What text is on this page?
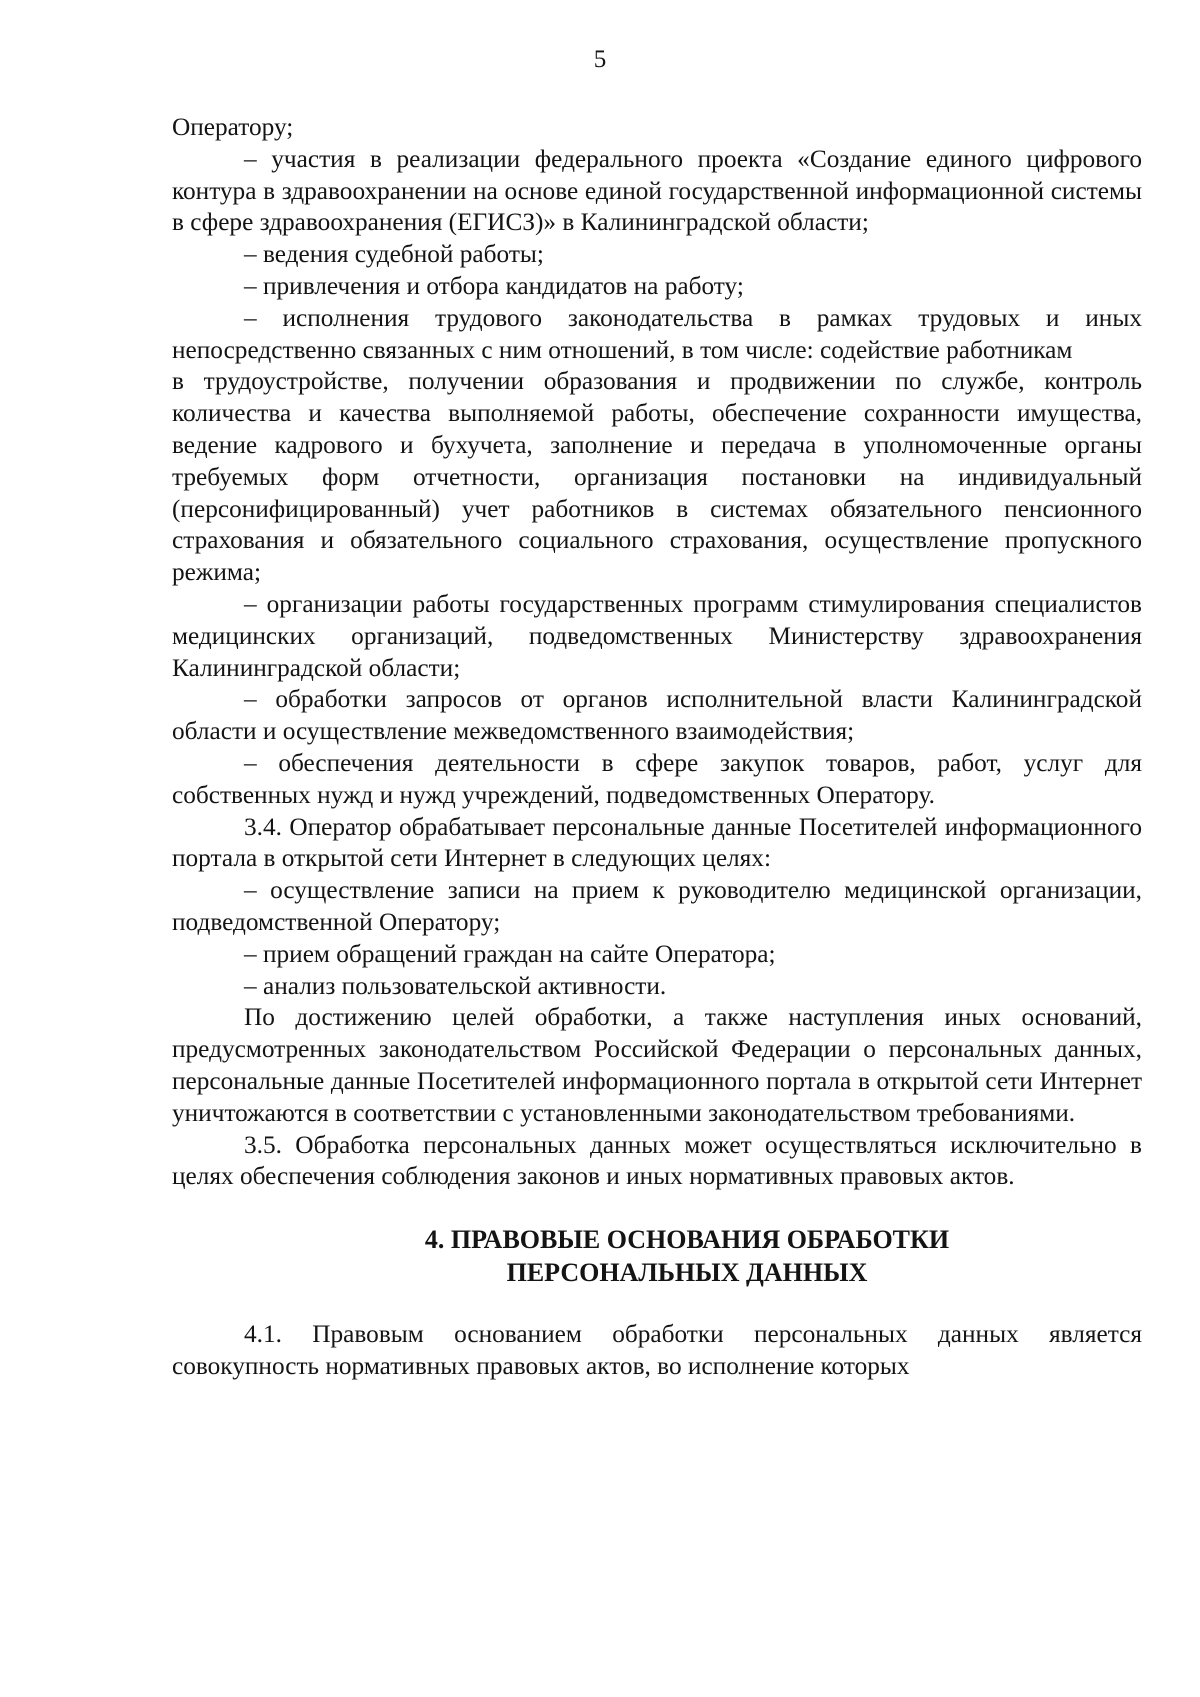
5

Оператору;

– участия в реализации федерального проекта «Создание единого цифрового контура в здравоохранении на основе единой государственной информационной системы в сфере здравоохранения (ЕГИСЗ)» в Калининградской области;

– ведения судебной работы;

– привлечения и отбора кандидатов на работу;

– исполнения трудового законодательства в рамках трудовых и иных непосредственно связанных с ним отношений, в том числе: содействие работникам

в трудоустройстве, получении образования и продвижении по службе, контроль количества и качества выполняемой работы, обеспечение сохранности имущества, ведение кадрового и бухучета, заполнение и передача в уполномоченные органы требуемых форм отчетности, организация постановки на индивидуальный (персонифицированный) учет работников в системах обязательного пенсионного страхования и обязательного социального страхования, осуществление пропускного режима;

– организации работы государственных программ стимулирования специалистов медицинских организаций, подведомственных Министерству здравоохранения Калининградской области;

– обработки запросов от органов исполнительной власти Калининградской области и осуществление межведомственного взаимодействия;

– обеспечения деятельности в сфере закупок товаров, работ, услуг для собственных нужд и нужд учреждений, подведомственных Оператору.

3.4. Оператор обрабатывает персональные данные Посетителей информационного портала в открытой сети Интернет в следующих целях:

– осуществление записи на прием к руководителю медицинской организации, подведомственной Оператору;

– прием обращений граждан на сайте Оператора;

– анализ пользовательской активности.

По достижению целей обработки, а также наступления иных оснований, предусмотренных законодательством Российской Федерации о персональных данных, персональные данные Посетителей информационного портала в открытой сети Интернет уничтожаются в соответствии с установленными законодательством требованиями.

3.5. Обработка персональных данных может осуществляться исключительно в целях обеспечения соблюдения законов и иных нормативных правовых актов.

4. ПРАВОВЫЕ ОСНОВАНИЯ ОБРАБОТКИ
ПЕРСОНАЛЬНЫХ ДАННЫХ

4.1. Правовым основанием обработки персональных данных является совокупность нормативных правовых актов, во исполнение которых
